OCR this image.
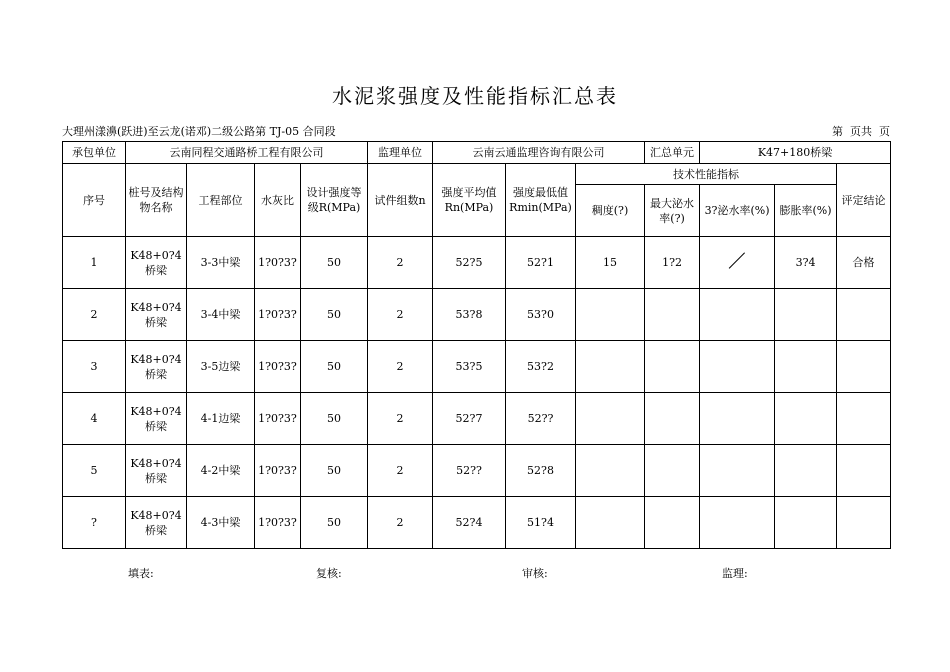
水泥浆强度及性能指标汇总表
大理州漾濞(跃进)至云龙(诺邓)二级公路第 TJ-05 合同段	第  页共  页
承包单位	云南同程交通路桥工程有限公司				监理单位	云南云通监理咨询有限公司			汇总单元	K47+180桥梁		
序号	桩号及结构物名称	工程部位	水灰比	设计强度等级R(MPa)	试件组数n	强度平均值Rn(MPa)	强度最低值Rmin(MPa)	技术性能指标				评定结论
								稠度(?)	最大泌水率(?)	3?泌水率(%)	膨胀率(%)	
1	K48+0?4桥梁	3-3中梁	1?0?3?	50	2	52?5	52?1	15	1?2		3?4	合格
2	K48+0?4桥梁	3-4中梁	1?0?3?	50	2	53?8	53?0					
3	K48+0?4桥梁	3-5边梁	1?0?3?	50	2	53?5	53?2					
4	K48+0?4桥梁	4-1边梁	1?0?3?	50	2	52?7	52??					
5	K48+0?4桥梁	4-2中梁	1?0?3?	50	2	52??	52?8					
?	K48+0?4桥梁	4-3中梁	1?0?3?	50	2	52?4	51?4					
填表:	复核:	审核:	监理:
